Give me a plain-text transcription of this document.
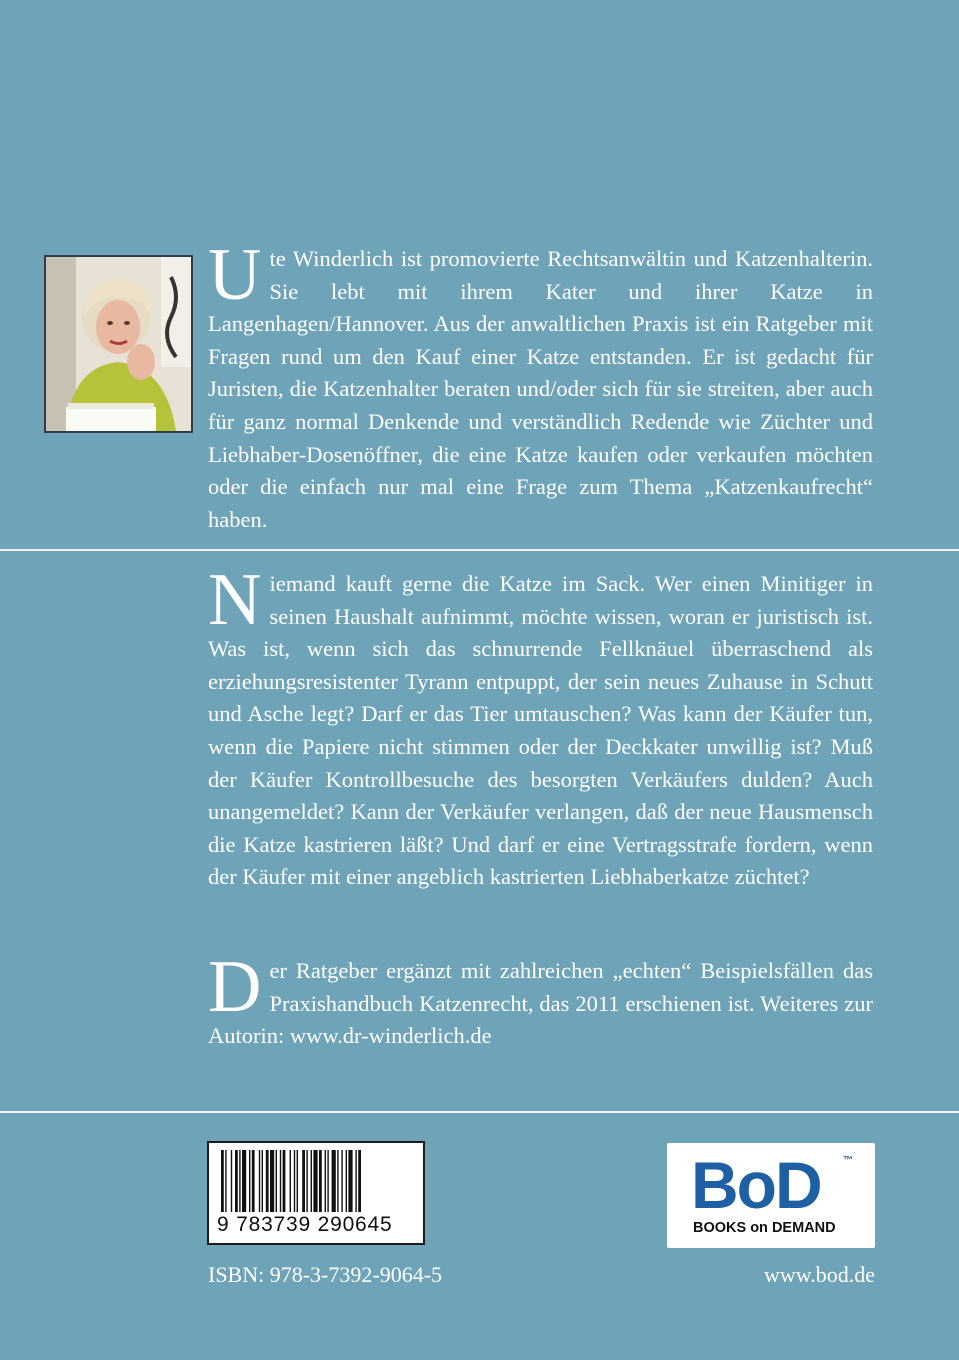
Ute Winderlich ist promovierte Rechtsanwältin und Katzenhalterin. Sie lebt mit ihrem Kater und ihrer Katze in Langenhagen/Hannover. Aus der anwaltlichen Praxis ist ein Ratgeber mit Fragen rund um den Kauf einer Katze entstanden. Er ist gedacht für Juristen, die Katzenhalter beraten und/oder sich für sie streiten, aber auch für ganz normal Denkende und verständlich Redende wie Züchter und Liebhaber-Dosenöffner, die eine Katze kaufen oder verkaufen möchten oder die einfach nur mal eine Frage zum Thema „Katzenkaufrecht“ haben.

Niemand kauft gerne die Katze im Sack. Wer einen Minitiger in seinen Haushalt aufnimmt, möchte wissen, woran er juristisch ist. Was ist, wenn sich das schnurrende Fellknäuel überraschend als erziehungsresistenter Tyrann entpuppt, der sein neues Zuhause in Schutt und Asche legt? Darf er das Tier umtauschen? Was kann der Käufer tun, wenn die Papiere nicht stimmen oder der Deckkater unwillig ist? Muß der Käufer Kontrollbesuche des besorgten Verkäufers dulden? Auch unangemeldet? Kann der Verkäufer verlangen, daß der neue Hausmensch die Katze kastrieren läßt? Und darf er eine Vertragsstrafe fordern, wenn der Käufer mit einer angeblich kastrierten Liebhaberkatze züchtet?

Der Ratgeber ergänzt mit zahlreichen „echten“ Beispielsfällen das Praxishandbuch Katzenrecht, das 2011 erschienen ist. Weiteres zur Autorin: www.dr-winderlich.de

9 783739 290645
BoD ™
BOOKS on DEMAND
ISBN: 978-3-7392-9064-5	www.bod.de
